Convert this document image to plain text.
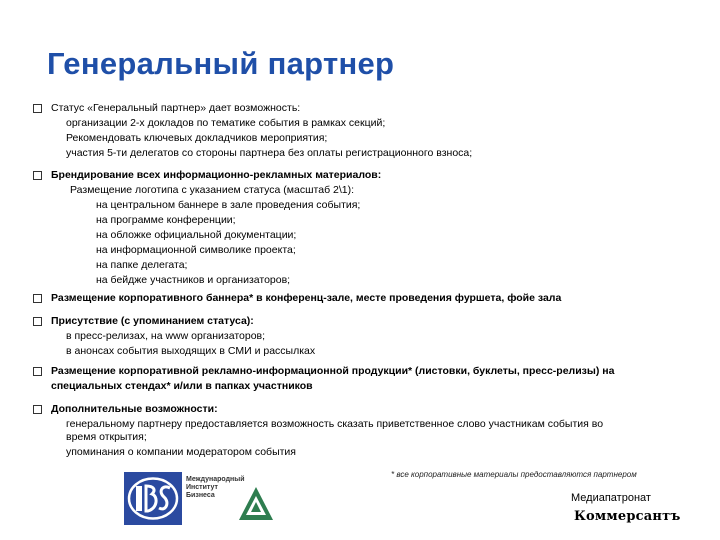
Генеральный партнер
Статус «Генеральный партнер» дает возможность:
организации 2-х докладов по тематике события в рамках секций;
Рекомендовать ключевых докладчиков мероприятия;
участия 5-ти делегатов со стороны партнера без оплаты регистрационного взноса;
Брендирование всех информационно-рекламных материалов:
Размещение логотипа с указанием статуса (масштаб 2\1):
на центральном баннере в зале проведения события;
на программе конференции;
на обложке официальной документации;
на информационной символике проекта;
на папке делегата;
на бейдже участников и организаторов;
Размещение корпоративного баннера* в конференц-зале, месте проведения фуршета, фойе зала
Присутствие (с упоминанием статуса):
в пресс-релизах, на www организаторов;
в анонсах события выходящих в СМИ и рассылках
Размещение корпоративной рекламно-информационной продукции* (листовки, буклеты, пресс-релизы) на
специальных стендах* и/или в папках участников
Дополнительные возможности:
генеральному партнеру предоставляется возможность сказать приветственное слово участникам события во
время открытия;
упоминания о компании модератором события
* все корпоративные материалы предоставляются партнером
Международный
Институт
Бизнеса
	Медиапатронат
Коммерсантъ
